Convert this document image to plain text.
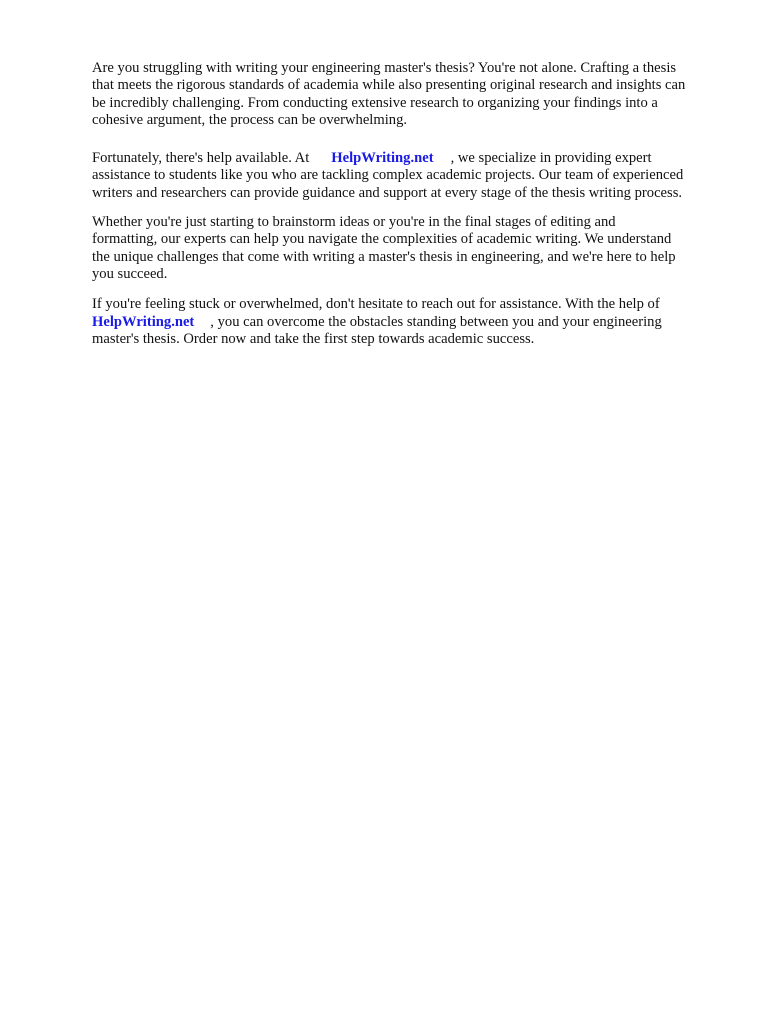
Are you struggling with writing your engineering master's thesis? You're not alone. Crafting a thesis
that meets the rigorous standards of academia while also presenting original research and insights can
be incredibly challenging. From conducting extensive research to organizing your findings into a
cohesive argument, the process can be overwhelming.

Fortunately, there's help available. At HelpWriting.net , we specialize in providing expert
assistance to students like you who are tackling complex academic projects. Our team of experienced
writers and researchers can provide guidance and support at every stage of the thesis writing process.

Whether you're just starting to brainstorm ideas or you're in the final stages of editing and
formatting, our experts can help you navigate the complexities of academic writing. We understand
the unique challenges that come with writing a master's thesis in engineering, and we're here to help
you succeed.

If you're feeling stuck or overwhelmed, don't hesitate to reach out for assistance. With the help of
HelpWriting.net , you can overcome the obstacles standing between you and your engineering
master's thesis. Order now and take the first step towards academic success.
